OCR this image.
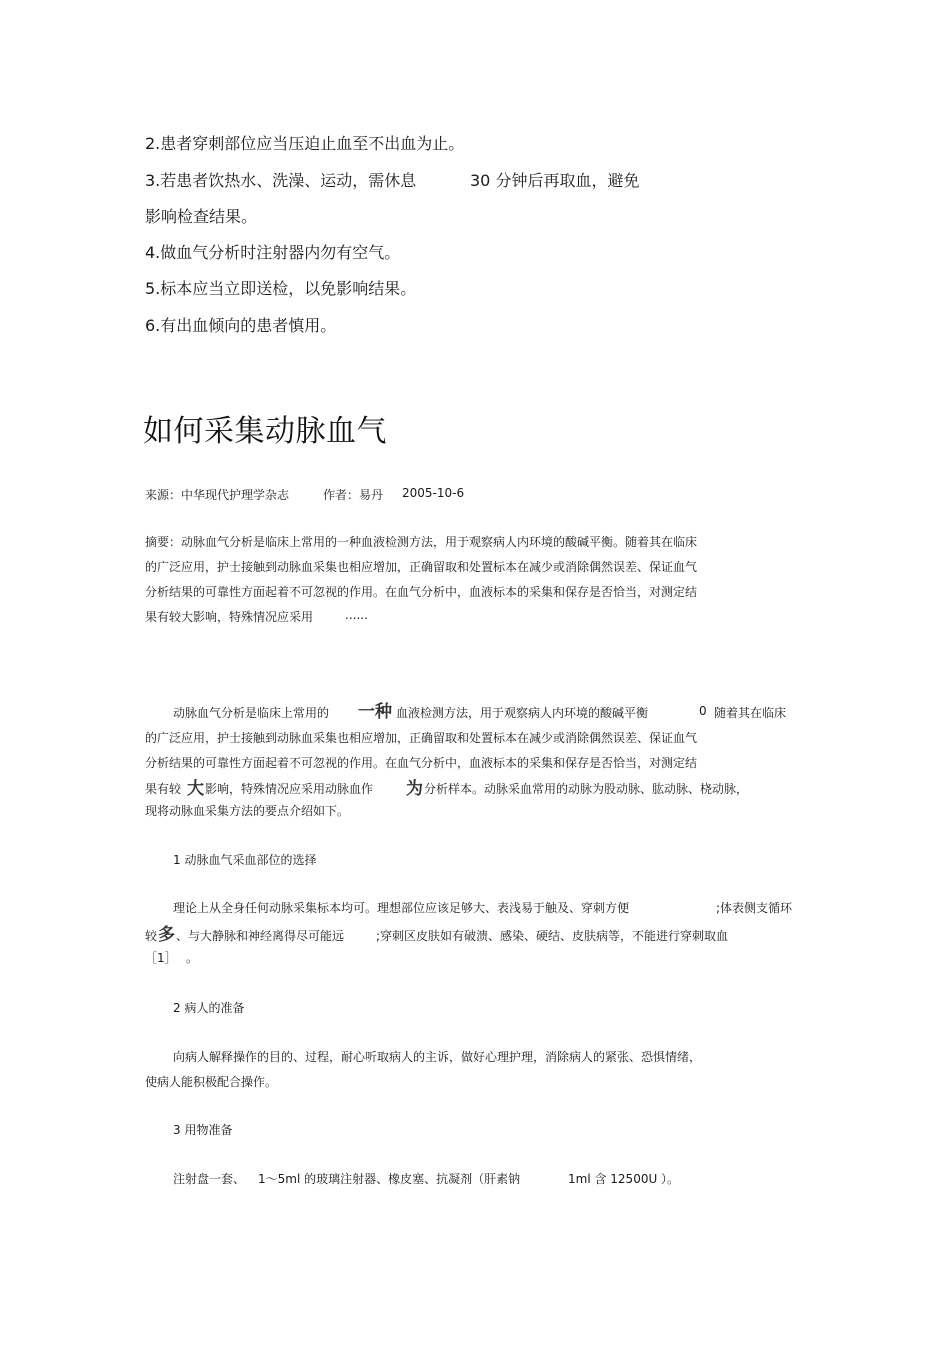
2.患者穿刺部位应当压迫止血至不出血为止。
3.若患者饮热水、洗澡、运动，需休息	30 分钟后再取血，避免
影响检查结果。
4.做血气分析时注射器内勿有空气。
5.标本应当立即送检，以免影响结果。
6.有出血倾向的患者慎用。
如何采集动脉血气
来源：中华现代护理学杂志	作者：易丹 2005-10-6
摘要：动脉血气分析是临床上常用的一种血液检测方法，用于观察病人内环境的酸碱平衡。随着其在临床
的广泛应用，护士接触到动脉血采集也相应增加，正确留取和处置标本在减少或消除偶然误差、保证血气
分析结果的可靠性方面起着不可忽视的作用。在血气分析中，血液标本的采集和保存是否恰当，对测定结
果有较大影响，特殊情况应采用	......
动脉血气分析是临床上常用的 一种 血液检测方法，用于观察病人内环境的酸碱平衡	0 随着其在临床
的广泛应用，护士接触到动脉血采集也相应增加，正确留取和处置标本在减少或消除偶然误差、保证血气
分析结果的可靠性方面起着不可忽视的作用。在血气分析中，血液标本的采集和保存是否恰当，对测定结
果有较 大 影响，特殊情况应采用动脉血作 为 分析样本。动脉采血常用的动脉为股动脉、肱动脉、桡动脉，
现将动脉血采集方法的要点介绍如下。
1 动脉血气采血部位的选择
理论上从全身任何动脉采集标本均可。理想部位应该足够大、表浅易于触及、穿刺方便	;体表侧支循环
较 多 、与大静脉和神经离得尽可能远	;穿刺区皮肤如有破溃、感染、硬结、皮肤病等，不能进行穿刺取血
［1］ 。
2 病人的准备
向病人解释操作的目的、过程，耐心听取病人的主诉，做好心理护理，消除病人的紧张、恐惧情绪，
使病人能积极配合操作。
3 用物准备
注射盘一套、 1～5ml 的玻璃注射器、橡皮塞、抗凝剂（肝素钠	1ml 含 12500U ）。
